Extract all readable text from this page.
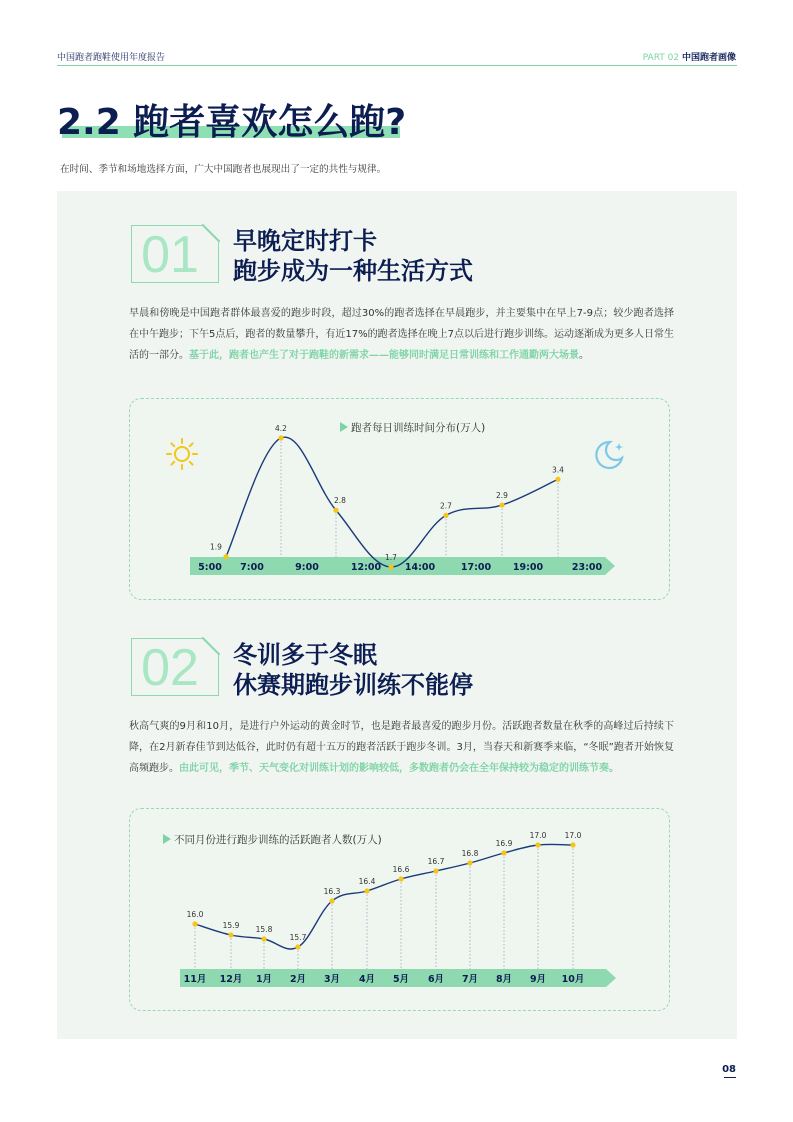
中国跑者跑鞋使用年度报告	PART 02 中国跑者画像
2.2 跑者喜欢怎么跑?
在时间、季节和场地选择方面，广大中国跑者也展现出了一定的共性与规律。
01	早晚定时打卡
跑步成为一种生活方式
早晨和傍晚是中国跑者群体最喜爱的跑步时段，超过30%的跑者选择在早晨跑步，并主要集中在早上7-9点；较少跑者选择在中午跑步；下午5点后，跑者的数量攀升，有近17%的跑者选择在晚上7点以后进行跑步训练。运动逐渐成为更多人日常生活的一部分。基于此，跑者也产生了对于跑鞋的新需求——能够同时满足日常训练和工作通勤两大场景。
跑者每日训练时间分布(万人)
5:00 7:00	9:00	12:00	14:00	17:00 19:00	23:00
1.9
4.2
2.8
1.7
2.7
2.9
3.4
02	冬训多于冬眠
休赛期跑步训练不能停
秋高气爽的9月和10月，是进行户外运动的黄金时节，也是跑者最喜爱的跑步月份。活跃跑者数量在秋季的高峰过后持续下降，在2月新春佳节到达低谷，此时仍有超十五万的跑者活跃于跑步冬训。3月，当春天和新赛季来临，“冬眠”跑者开始恢复高频跑步。由此可见，季节、天气变化对训练计划的影响较低，多数跑者仍会在全年保持较为稳定的训练节奏。
不同月份进行跑步训练的活跃跑者人数(万人)
11月 12月 1月 2月 3月 4月 5月 6月 7月 8月 9月 10月
16.0
15.9 15.8
15.7
16.3
16.4
16.6
16.7
16.8
16.9
17.0 17.0
08
